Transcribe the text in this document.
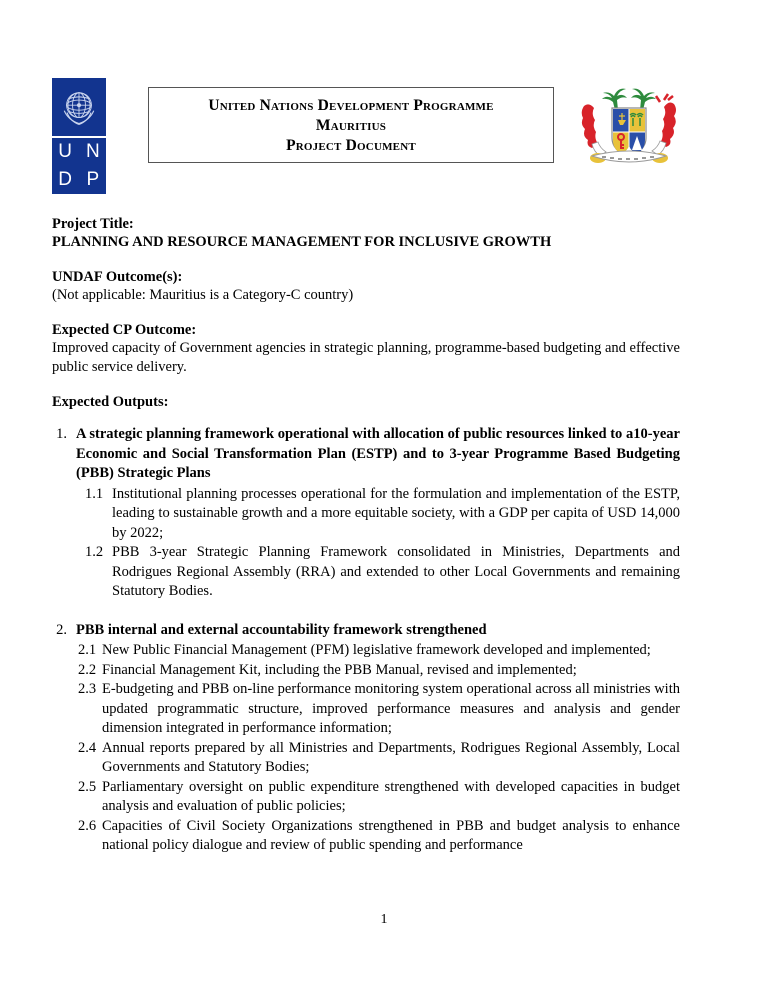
U N
D P
United Nations Development Programme
Mauritius
Project Document
Project Title:
PLANNING AND RESOURCE MANAGEMENT FOR INCLUSIVE GROWTH
UNDAF Outcome(s):
(Not applicable: Mauritius is a Category-C country)
Expected CP Outcome:
Improved capacity of Government agencies in strategic planning, programme-based budgeting and effective public service delivery.
Expected Outputs:
1. A strategic planning framework operational with allocation of public resources linked to a10-year Economic and Social Transformation Plan (ESTP) and to 3-year Programme Based Budgeting (PBB) Strategic Plans
1.1 Institutional planning processes operational for the formulation and implementation of the ESTP, leading to sustainable growth and a more equitable society, with a GDP per capita of USD 14,000 by 2022;
1.2 PBB 3-year Strategic Planning Framework consolidated in Ministries, Departments and Rodrigues Regional Assembly (RRA) and extended to other Local Governments and remaining Statutory Bodies.
2. PBB internal and external accountability framework strengthened
2.1 New Public Financial Management (PFM) legislative framework developed and implemented;
2.2 Financial Management Kit, including the PBB Manual, revised and implemented;
2.3 E-budgeting and PBB on-line performance monitoring system operational across all ministries with updated programmatic structure, improved performance measures and analysis and gender dimension integrated in performance information;
2.4 Annual reports prepared by all Ministries and Departments, Rodrigues Regional Assembly, Local Governments and Statutory Bodies;
2.5 Parliamentary oversight on public expenditure strengthened with developed capacities in budget analysis and evaluation of public policies;
2.6 Capacities of Civil Society Organizations strengthened in PBB and budget analysis to enhance national policy dialogue and review of public spending and performance
1
